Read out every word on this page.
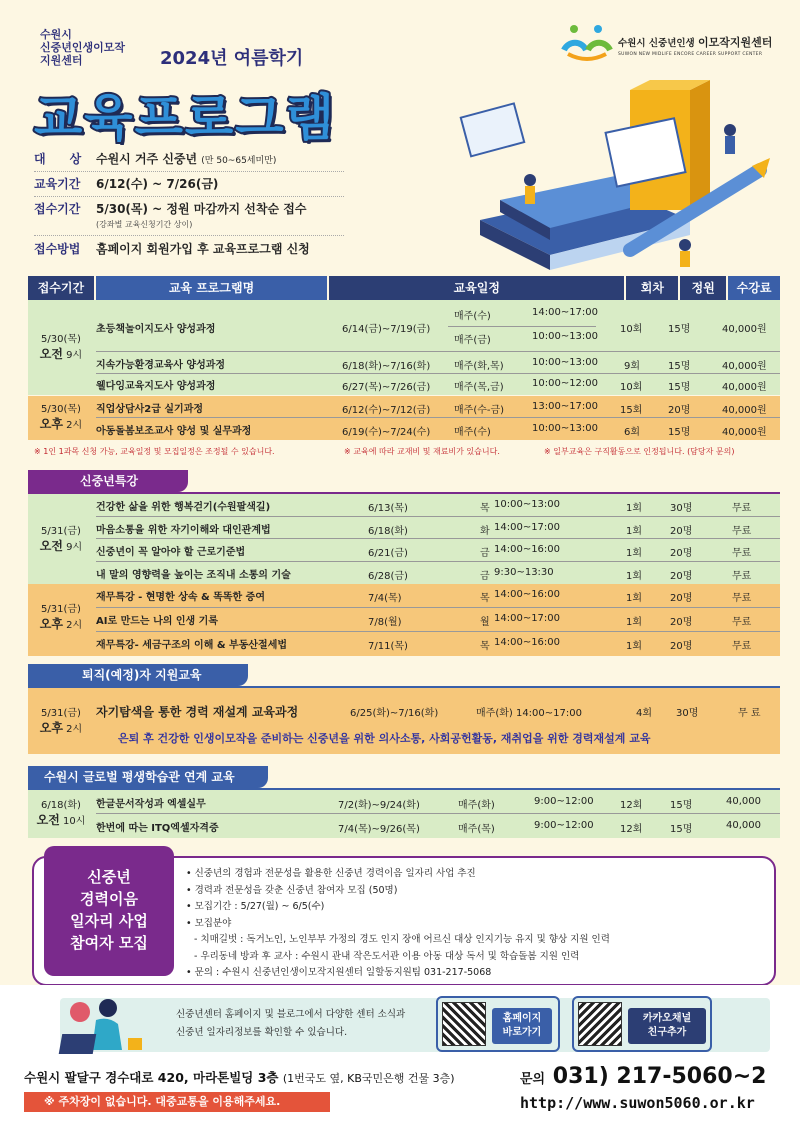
수원시
신중년인생이모작
지원센터	2024년 여름학기
교육프로그램
수원시 신중년인생 이모작지원센터
SUWON NEW MIDLIFE ENCORE CAREER SUPPORT CENTER
대　　상	수원시 거주 신중년 (만 50~65세미만)
교육기간	6/12(수) ~ 7/26(금)
접수기간	5/30(목) ~ 정원 마감까지 선착순 접수
(강좌별 교육신청기간 상이)
접수방법	홈페이지 회원가입 후 교육프로그램 신청
접수기간	교육 프로그램명	교육일정	회차	정원	수강료
5/30(목)
오전 9시
초등책놀이지도사 양성과정	6/14(금)~7/19(금)
매주(수)	14:00~17:00
매주(금)	10:00~13:00
10회	15명	40,000원
지속가능환경교육사 양성과정	6/18(화)~7/16(화) 매주(화,목)	10:00~13:00	9회	15명	40,000원
웰다잉교육지도사 양성과정	6/27(목)~7/26(금) 매주(목,금)	10:00~12:00 10회	15명	40,000원
5/30(목)
오후 2시
직업상담사2급 실기과정	6/12(수)~7/12(금) 매주(수-금)	13:00~17:00 15회	20명	40,000원
아동돌봄보조교사 양성 및 실무과정	6/19(수)~7/24(수) 매주(수)	10:00~13:00	6회	15명	40,000원
※ 1인 1과목 신청 가능, 교육일정 및 모집일정은 조정될 수 있습니다.	※ 교육에 따라 교재비 및 재료비가 있습니다.	※ 일부교육은 구직활동으로 인정됩니다. (담당자 문의)
신중년특강
5/31(금)
오전 9시
건강한 삶을 위한 행복걷기(수원팔색길)	6/13(목)	목 10:00~13:00	1회	30명	무료
마음소통을 위한 자기이해와 대인관계법	6/18(화)	화 14:00~17:00	1회	20명	무료
신중년이 꼭 알아야 할 근로기준법	6/21(금)	금 14:00~16:00	1회	20명	무료
내 말의 영향력을 높이는 조직내 소통의 기술	6/28(금)	금 9:30~13:30	1회	20명	무료
5/31(금)
오후 2시
재무특강 - 현명한 상속 & 똑똑한 증여	7/4(목)	목 14:00~16:00	1회	20명	무료
AI로 만드는 나의 인생 기록	7/8(월)	월 14:00~17:00	1회	20명	무료
재무특강- 세금구조의 이해 & 부동산절세법	7/11(목)	목 14:00~16:00	1회	20명	무료
퇴직(예정)자 지원교육
5/31(금)
오후 2시
자기탐색을 통한 경력 재설계 교육과정	6/25(화)~7/16(화)	매주(화) 14:00~17:00	4회 30명	무 료
은퇴 후 건강한 인생이모작을 준비하는 신중년을 위한 의사소통, 사회공헌활동, 재취업을 위한 경력재설계 교육
수원시 글로벌 평생학습관 연계 교육
6/18(화)
오전 10시
한글문서작성과 엑셀실무	7/2(화)~9/24(화)	매주(화)	9:00~12:00	12회	15명	40,000
한번에 따는 ITQ엑셀자격증	7/4(목)~9/26(목)	매주(목)	9:00~12:00	12회	15명	40,000
신중년
경력이음
일자리 사업
참여자 모집
• 신중년의 경험과 전문성을 활용한 신중년 경력이음 일자리 사업 추진
• 경력과 전문성을 갖춘 신중년 참여자 모집 (50명)
• 모집기간 : 5/27(월) ~ 6/5(수)
• 모집분야
- 치매길벗 : 독거노인, 노인부부 가정의 경도 인지 장애 어르신 대상 인지기능 유지 및 향상 지원 인력
- 우리동네 방과 후 교사 : 수원시 관내 작은도서관 이용 아동 대상 독서 및 학습돌봄 지원 인력
• 문의 : 수원시 신중년인생이모작지원센터 일할동지원팀 031-217-5068
신중년센터 홈페이지 및 블로그에서 다양한 센터 소식과
신중년 일자리정보를 확인할 수 있습니다.
홈페이지
바로가기
카카오채널
친구추가
수원시 팔달구 경수대로 420, 마라톤빌딩 3층 (1번국도 옆, KB국민은행 건물 3층)
※ 주차장이 없습니다. 대중교통을 이용해주세요.
문의 031) 217-5060~2
http://www.suwon5060.or.kr
